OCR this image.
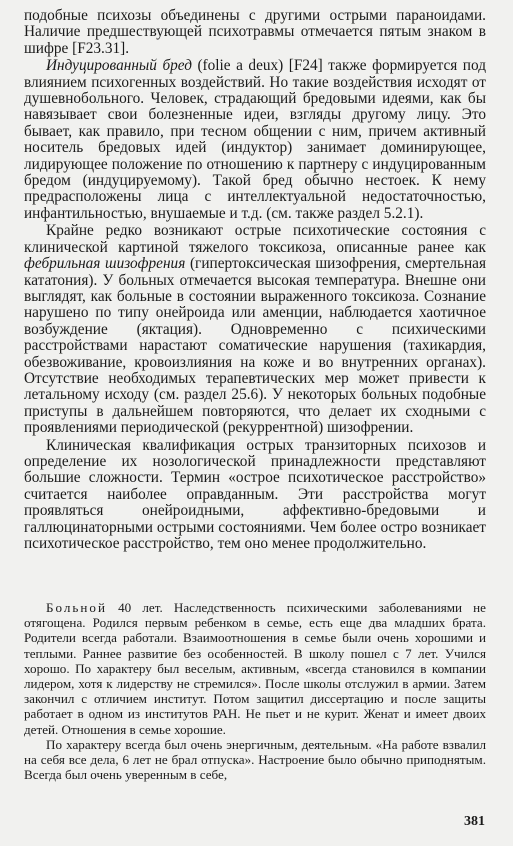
подобные психозы объединены с другими острыми параноидами. Наличие предшествующей психотравмы отмечается пятым знаком в шифре [F23.31].

Индуцированный бред (folie a deux) [F24] также формируется под влиянием психогенных воздействий. Но такие воздействия исходят от душевнобольного. Человек, страдающий бредовыми идеями, как бы навязывает свои болезненные идеи, взгляды другому лицу. Это бывает, как правило, при тесном общении с ним, причем активный носитель бредовых идей (индуктор) занимает доминирующее, лидирующее положение по отношению к партнеру с индуцированным бредом (индуцируемому). Такой бред обычно нестоек. К нему предрасположены лица с интеллектуальной недостаточностью, инфантильностью, внушаемые и т.д. (см. также раздел 5.2.1).

Крайне редко возникают острые психотические состояния с клинической картиной тяжелого токсикоза, описанные ранее как фебрильная шизофрения (гипертоксическая шизофрения, смертельная кататония). У больных отмечается высокая температура. Внешне они выглядят, как больные в состоянии выраженного токсикоза. Сознание нарушено по типу онейроида или аменции, наблюдается хаотичное возбуждение (яктация). Одновременно с психическими расстройствами нарастают соматические нарушения (тахикардия, обезвоживание, кровоизлияния на коже и во внутренних органах). Отсутствие необходимых терапевтических мер может привести к летальному исходу (см. раздел 25.6). У некоторых больных подобные приступы в дальнейшем повторяются, что делает их сходными с проявлениями периодической (рекуррентной) шизофрении.

Клиническая квалификация острых транзиторных психозов и определение их нозологической принадлежности представляют большие сложности. Термин «острое психотическое расстройство» считается наиболее оправданным. Эти расстройства могут проявляться онейроидными, аффективно-бредовыми и галлюцинаторными острыми состояниями. Чем более остро возникает психотическое расстройство, тем оно менее продолжительно.

Больной 40 лет. Наследственность психическими заболеваниями не отягощена. Родился первым ребенком в семье, есть еще два младших брата. Родители всегда работали. Взаимоотношения в семье были очень хорошими и теплыми. Раннее развитие без особенностей. В школу пошел с 7 лет. Учился хорошо. По характеру был веселым, активным, «всегда становился в компании лидером, хотя к лидерству не стремился». После школы отслужил в армии. Затем закончил с отличием институт. Потом защитил диссертацию и после защиты работает в одном из институтов РАН. Не пьет и не курит. Женат и имеет двоих детей. Отношения в семье хорошие.

По характеру всегда был очень энергичным, деятельным. «На работе взвалил на себя все дела, 6 лет не брал отпуска». Настроение было обычно приподнятым. Всегда был очень уверенным в себе,

381
